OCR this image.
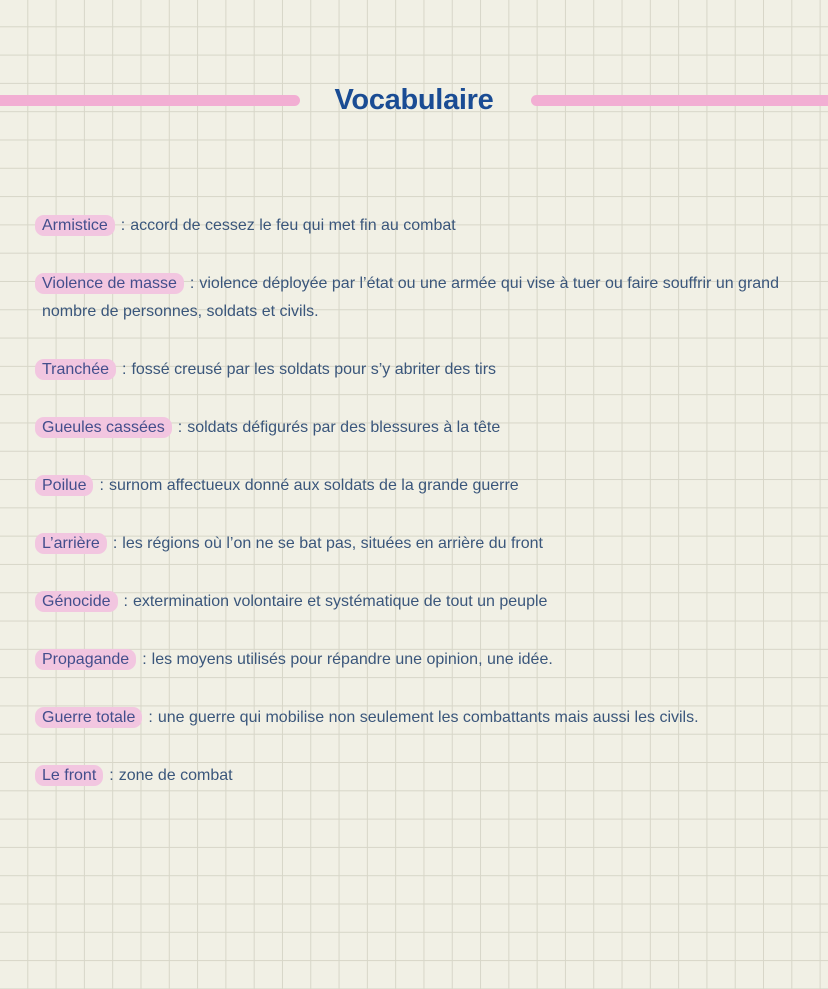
Vocabulaire

Armistice : accord de cessez le feu qui met fin au combat

Violence de masse : violence déployée par l’état ou une armée qui vise à tuer ou faire souffrir un grand nombre de personnes, soldats et civils.

Tranchée : fossé creusé par les soldats pour s’y abriter des tirs

Gueules cassées : soldats défigurés par des blessures à la tête

Poilue : surnom affectueux donné aux soldats de la grande guerre

L’arrière : les régions où l’on ne se bat pas, situées en arrière du front

Génocide : extermination volontaire et systématique de tout un peuple

Propagande : les moyens utilisés pour répandre une opinion, une idée.

Guerre totale : une guerre qui mobilise non seulement les combattants mais aussi les civils.

Le front : zone de combat
